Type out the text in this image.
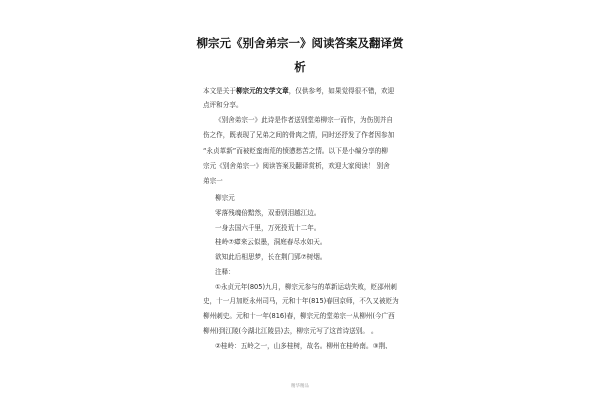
柳宗元《别舍弟宗一》阅读答案及翻译赏
析
本文是关于柳宗元的文学文章，仅供参考，如果觉得很不错，欢迎
点评和分享。
《别舍弟宗一》此诗是作者送别堂弟柳宗一而作，为伤别并自
伤之作，既表现了兄弟之间的骨肉之情，同时还抒发了作者因参加
“永贞革新”而被贬蛮南荒的愤懑愁苦之情。以下是小编分享的柳
宗元《别舍弟宗一》阅读答案及翻译赏析，欢迎大家阅读！ 别舍
弟宗一
柳宗元
零落残魂倍黯然，双垂别泪越江边。
一身去国六千里，万死投荒十二年。
桂岭⑦瘴来云似墨，洞庭春尽水如天。
欲知此后相思梦，长在荆门郢⑦树烟。
注释：
①永贞元年(805)九月，柳宗元参与的革新运动失败，贬邵州刺
史，十一月加贬永州司马，元和十年(815)春回京师，不久又被贬为
柳州刺史。元和十一年(816)春，柳宗元的堂弟宗一从柳州(今广西
柳州)到江陵(今湖北江陵县)去，柳宗元写了这首诗送别。 。
②桂岭：五岭之一，山多桂树，故名。柳州在桂岭南。③荆、
精华精品
